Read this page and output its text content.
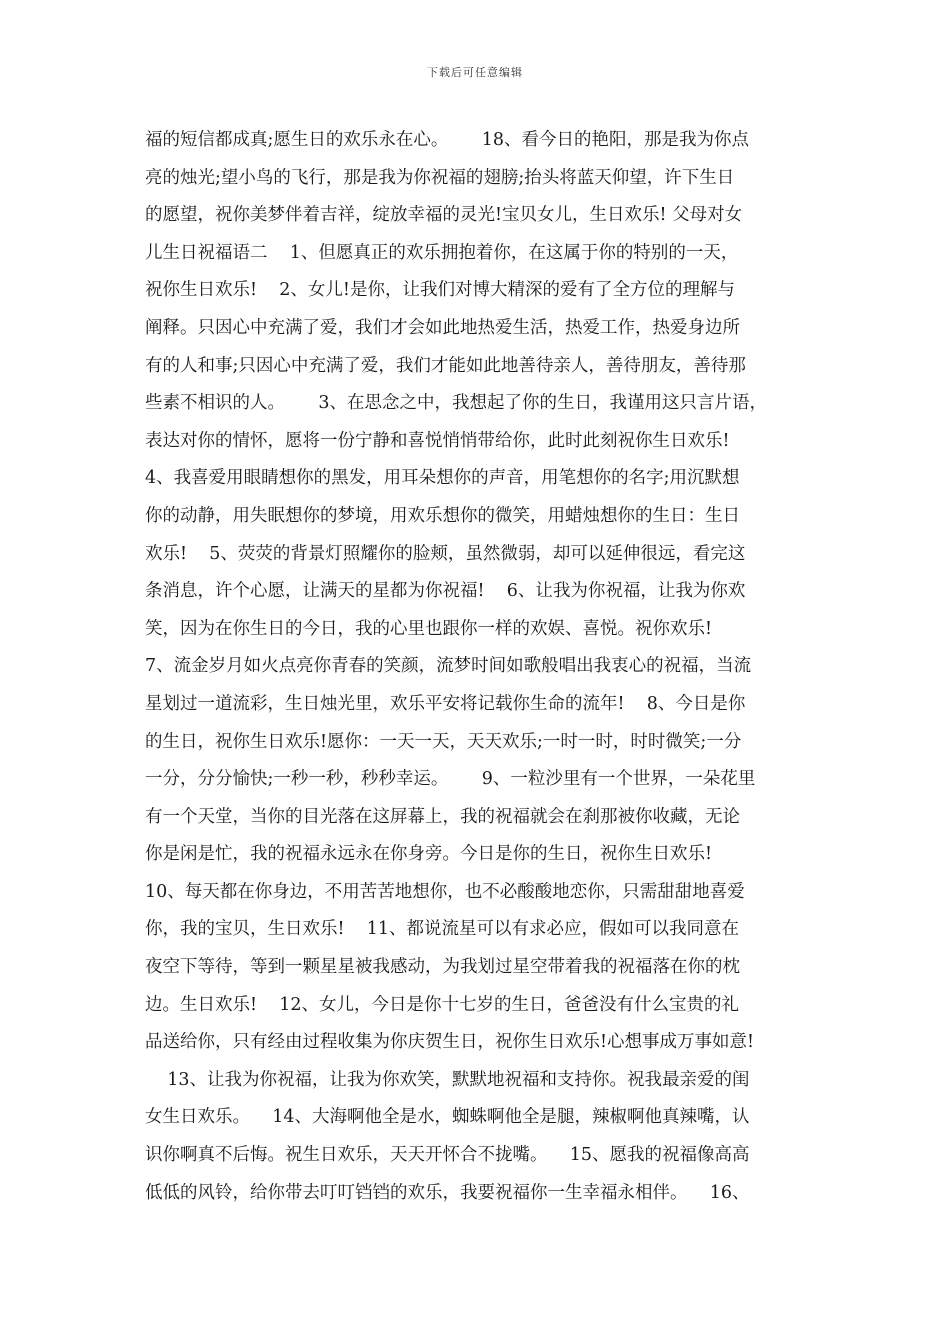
下载后可任意编辑
福的短信都成真;愿生日的欢乐永在心。      18、看今日的艳阳，那是我为你点
亮的烛光;望小鸟的飞行，那是我为你祝福的翅膀;抬头将蓝天仰望，许下生日
的愿望，祝你美梦伴着吉祥，绽放幸福的灵光!宝贝女儿，生日欢乐! 父母对女
儿生日祝福语二    1、但愿真正的欢乐拥抱着你，在这属于你的特别的一天，
祝你生日欢乐!    2、女儿!是你，让我们对博大精深的爱有了全方位的理解与
阐释。只因心中充满了爱，我们才会如此地热爱生活，热爱工作，热爱身边所
有的人和事;只因心中充满了爱，我们才能如此地善待亲人，善待朋友，善待那
些素不相识的人。      3、在思念之中，我想起了你的生日，我谨用这只言片语，
表达对你的情怀，愿将一份宁静和喜悦悄悄带给你，此时此刻祝你生日欢乐!
4、我喜爱用眼睛想你的黑发，用耳朵想你的声音，用笔想你的名字;用沉默想
你的动静，用失眠想你的梦境，用欢乐想你的微笑，用蜡烛想你的生日：生日
欢乐!    5、荧荧的背景灯照耀你的脸颊，虽然微弱，却可以延伸很远，看完这
条消息，许个心愿，让满天的星都为你祝福!    6、让我为你祝福，让我为你欢
笑，因为在你生日的今日，我的心里也跟你一样的欢娱、喜悦。祝你欢乐!
7、流金岁月如火点亮你青春的笑颜，流梦时间如歌般唱出我衷心的祝福，当流
星划过一道流彩，生日烛光里，欢乐平安将记载你生命的流年!    8、今日是你
的生日，祝你生日欢乐!愿你：一天一天，天天欢乐;一时一时，时时微笑;一分
一分，分分愉快;一秒一秒，秒秒幸运。      9、一粒沙里有一个世界，一朵花里
有一个天堂，当你的目光落在这屏幕上，我的祝福就会在刹那被你收藏，无论
你是闲是忙，我的祝福永远永在你身旁。今日是你的生日，祝你生日欢乐!
10、每天都在你身边，不用苦苦地想你，也不必酸酸地恋你，只需甜甜地喜爱
你，我的宝贝，生日欢乐!    11、都说流星可以有求必应，假如可以我同意在
夜空下等待，等到一颗星星被我感动，为我划过星空带着我的祝福落在你的枕
边。生日欢乐!    12、女儿，今日是你十七岁的生日，爸爸没有什么宝贵的礼
品送给你，只有经由过程收集为你庆贺生日，祝你生日欢乐!心想事成万事如意!
13、让我为你祝福，让我为你欢笑，默默地祝福和支持你。祝我最亲爱的闺
女生日欢乐。    14、大海啊他全是水，蜘蛛啊他全是腿，辣椒啊他真辣嘴，认
识你啊真不后悔。祝生日欢乐，天天开怀合不拢嘴。    15、愿我的祝福像高高
低低的风铃，给你带去叮叮铛铛的欢乐，我要祝福你一生幸福永相伴。    16、
